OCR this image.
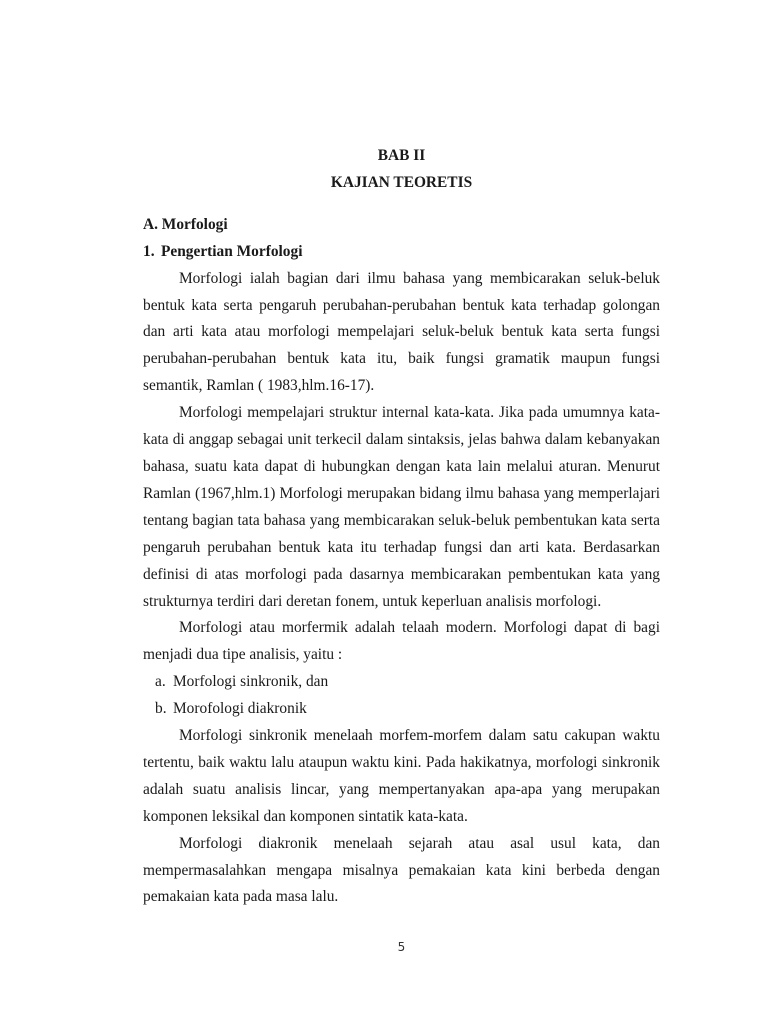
BAB II

KAJIAN TEORETIS

A. Morfologi

1. Pengertian Morfologi

Morfologi ialah bagian dari ilmu bahasa yang membicarakan seluk-beluk bentuk kata serta pengaruh perubahan-perubahan bentuk kata terhadap golongan dan arti kata atau morfologi mempelajari seluk-beluk bentuk kata serta fungsi perubahan-perubahan bentuk kata itu, baik fungsi gramatik maupun fungsi semantik, Ramlan ( 1983,hlm.16-17).

Morfologi mempelajari struktur internal kata-kata. Jika pada umumnya kata-kata di anggap sebagai unit terkecil dalam sintaksis, jelas bahwa dalam kebanyakan bahasa, suatu kata dapat di hubungkan dengan kata lain melalui aturan. Menurut Ramlan (1967,hlm.1) Morfologi merupakan bidang ilmu bahasa yang memperlajari tentang bagian tata bahasa yang membicarakan seluk-beluk pembentukan kata serta pengaruh perubahan bentuk kata itu terhadap fungsi dan arti kata. Berdasarkan definisi di atas morfologi pada dasarnya membicarakan pembentukan kata yang strukturnya terdiri dari deretan fonem, untuk keperluan analisis morfologi.

Morfologi atau morfermik adalah telaah modern. Morfologi dapat di bagi menjadi dua tipe analisis, yaitu :

a. Morfologi sinkronik, dan
b. Morofologi diakronik

Morfologi sinkronik menelaah morfem-morfem dalam satu cakupan waktu tertentu, baik waktu lalu ataupun waktu kini. Pada hakikatnya, morfologi sinkronik adalah suatu analisis lincar, yang mempertanyakan apa-apa yang merupakan komponen leksikal dan komponen sintatik kata-kata.

Morfologi diakronik menelaah sejarah atau asal usul kata, dan mempermasalahkan mengapa misalnya pemakaian kata kini berbeda dengan pemakaian kata pada masa lalu.

5
